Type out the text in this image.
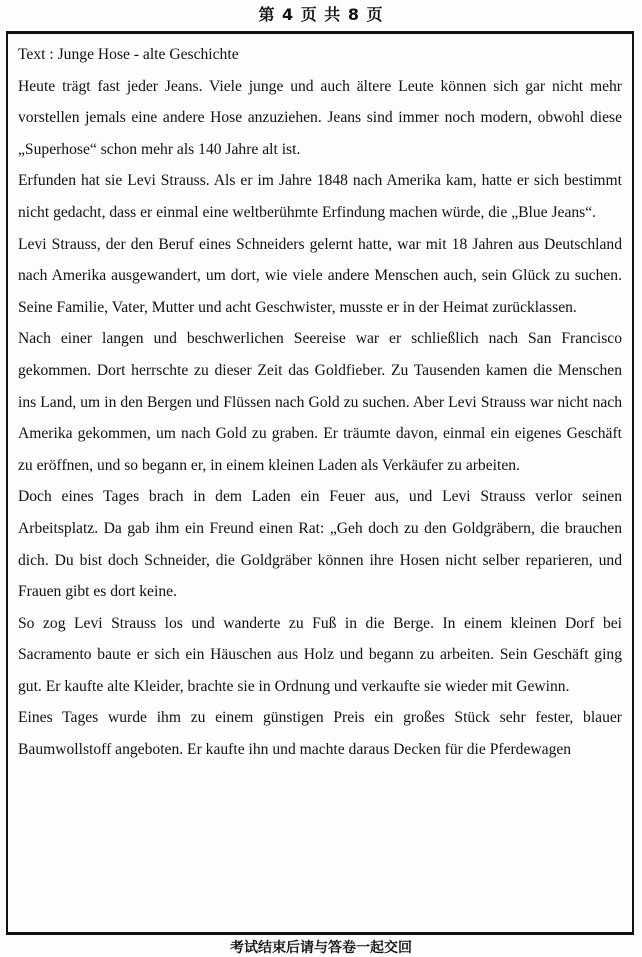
第 4 页 共 8 页

Text : Junge Hose - alte Geschichte

Heute trägt fast jeder Jeans. Viele junge und auch ältere Leute können sich gar nicht mehr vorstellen jemals eine andere Hose anzuziehen. Jeans sind immer noch modern, obwohl diese „Superhose“ schon mehr als 140 Jahre alt ist.

Erfunden hat sie Levi Strauss. Als er im Jahre 1848 nach Amerika kam, hatte er sich bestimmt nicht gedacht, dass er einmal eine weltberühmte Erfindung machen würde, die „Blue Jeans“.

Levi Strauss, der den Beruf eines Schneiders gelernt hatte, war mit 18 Jahren aus Deutschland nach Amerika ausgewandert, um dort, wie viele andere Menschen auch, sein Glück zu suchen. Seine Familie, Vater, Mutter und acht Geschwister, musste er in der Heimat zurücklassen.

Nach einer langen und beschwerlichen Seereise war er schließlich nach San Francisco gekommen. Dort herrschte zu dieser Zeit das Goldfieber. Zu Tausenden kamen die Menschen ins Land, um in den Bergen und Flüssen nach Gold zu suchen. Aber Levi Strauss war nicht nach Amerika gekommen, um nach Gold zu graben. Er träumte davon, einmal ein eigenes Geschäft zu eröffnen, und so begann er, in einem kleinen Laden als Verkäufer zu arbeiten.

Doch eines Tages brach in dem Laden ein Feuer aus, und Levi Strauss verlor seinen Arbeitsplatz. Da gab ihm ein Freund einen Rat: „Geh doch zu den Goldgräbern, die brauchen dich. Du bist doch Schneider, die Goldgräber können ihre Hosen nicht selber reparieren, und Frauen gibt es dort keine.

So zog Levi Strauss los und wanderte zu Fuß in die Berge. In einem kleinen Dorf bei Sacramento baute er sich ein Häuschen aus Holz und begann zu arbeiten. Sein Geschäft ging gut. Er kaufte alte Kleider, brachte sie in Ordnung und verkaufte sie wieder mit Gewinn.

Eines Tages wurde ihm zu einem günstigen Preis ein großes Stück sehr fester, blauer Baumwollstoff angeboten. Er kaufte ihn und machte daraus Decken für die Pferdewagen

考试结束后请与答卷一起交回
